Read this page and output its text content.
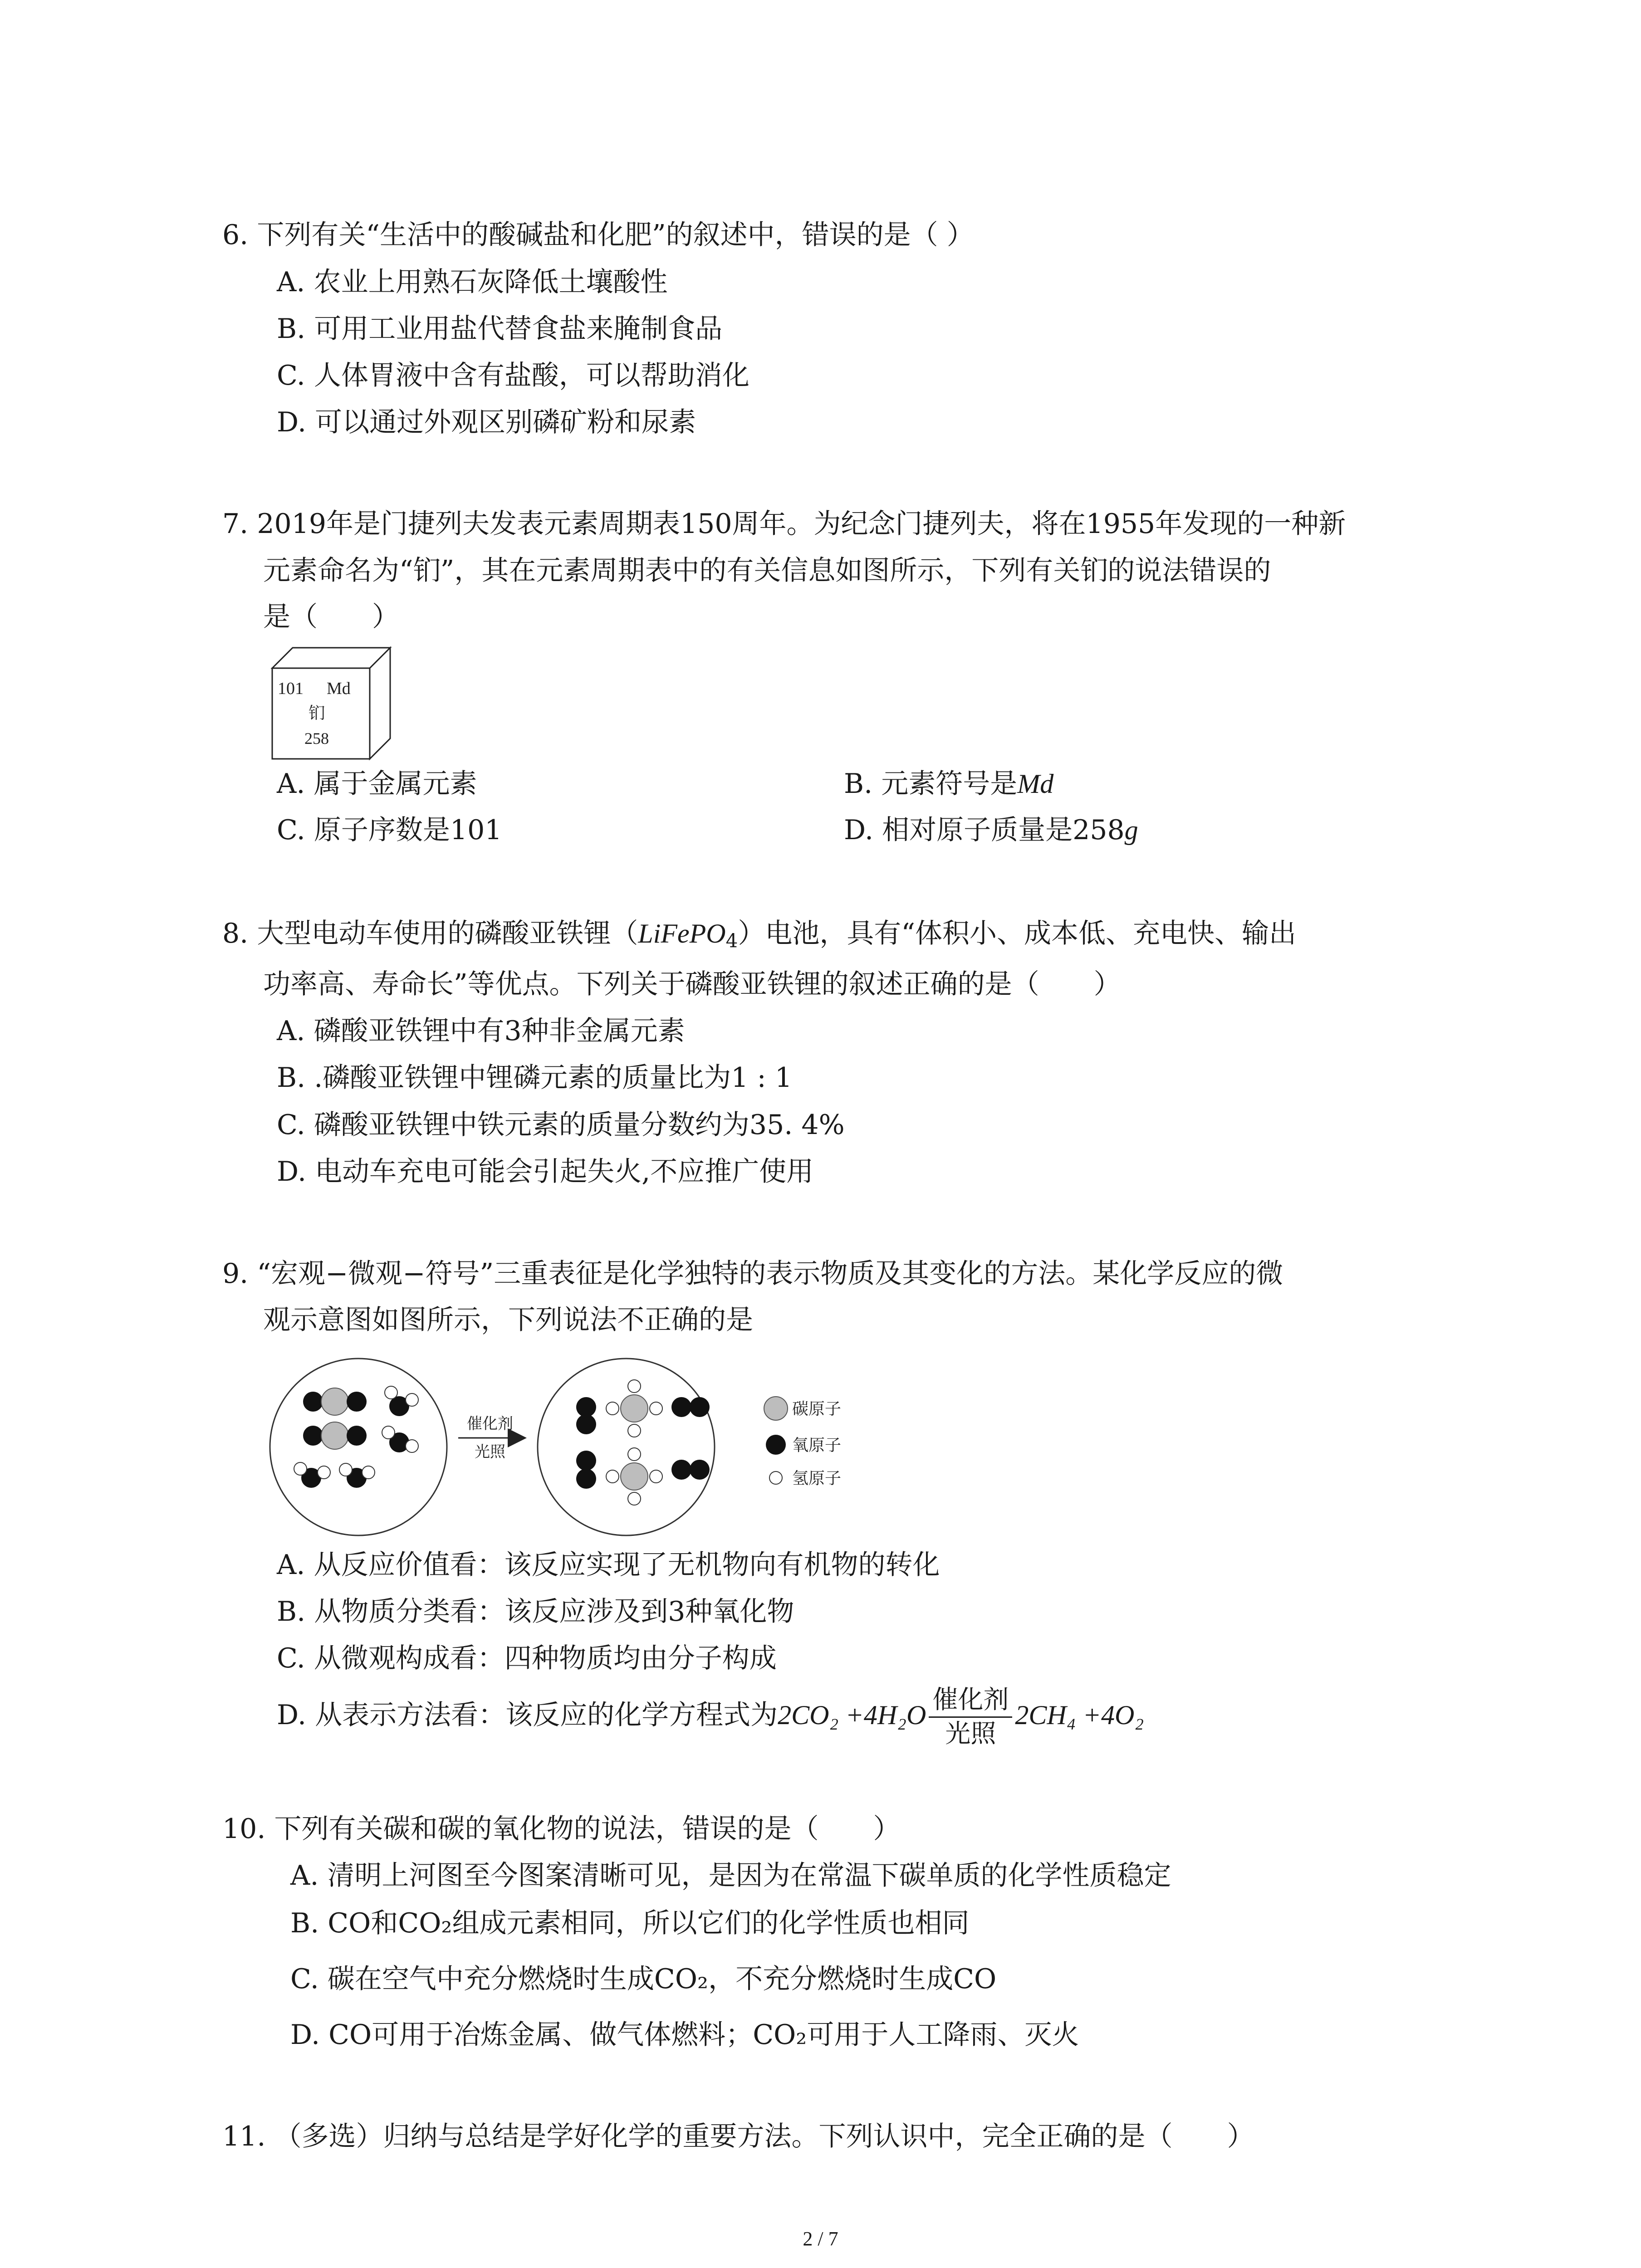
6. 下列有关“生活中的酸碱盐和化肥”的叙述中，错误的是（ ）
A. 农业上用熟石灰降低土壤酸性
B. 可用工业用盐代替食盐来腌制食品
C. 人体胃液中含有盐酸，可以帮助消化
D. 可以通过外观区别磷矿粉和尿素
7. 2019年是门捷列夫发表元素周期表150周年。为纪念门捷列夫，将在1955年发现的一种新
元素命名为“钔”，其在元素周期表中的有关信息如图所示，下列有关钔的说法错误的
是（　　）
101 Md
钔
258
A. 属于金属元素	B. 元素符号是Md
C. 原子序数是101	D. 相对原子质量是258g
8. 大型电动车使用的磷酸亚铁锂（LiFePO$_4$）电池，具有“体积小、成本低、充电快、输出
功率高、寿命长”等优点。下列关于磷酸亚铁锂的叙述正确的是（　　）
A. 磷酸亚铁锂中有3种非金属元素
B. .磷酸亚铁锂中锂磷元素的质量比为1 : 1
C. 磷酸亚铁锂中铁元素的质量分数约为35. 4%
D. 电动车充电可能会引起失火,不应推广使用
9. “宏观−微观−符号”三重表征是化学独特的表示物质及其变化的方法。某化学反应的微
观示意图如图所示，下列说法不正确的是
催化剂
光照
碳原子
氧原子
氢原子
A. 从反应价值看：该反应实现了无机物向有机物的转化
B. 从物质分类看：该反应涉及到3种氧化物
C. 从微观构成看：四种物质均由分子构成
D. 从表示方法看：该反应的化学方程式为$2CO_2 +4H_2O \frac{\text{催化剂}}{\text{光照}} 2CH_4 +4O_2$
10. 下列有关碳和碳的氧化物的说法，错误的是（　　）
A. 清明上河图至今图案清晰可见，是因为在常温下碳单质的化学性质稳定
B. CO和CO₂组成元素相同，所以它们的化学性质也相同
C. 碳在空气中充分燃烧时生成CO₂，不充分燃烧时生成CO
D. CO可用于冶炼金属、做气体燃料；CO₂可用于人工降雨、灭火
11. （多选）归纳与总结是学好化学的重要方法。下列认识中，完全正确的是（　　）
2 / 7
